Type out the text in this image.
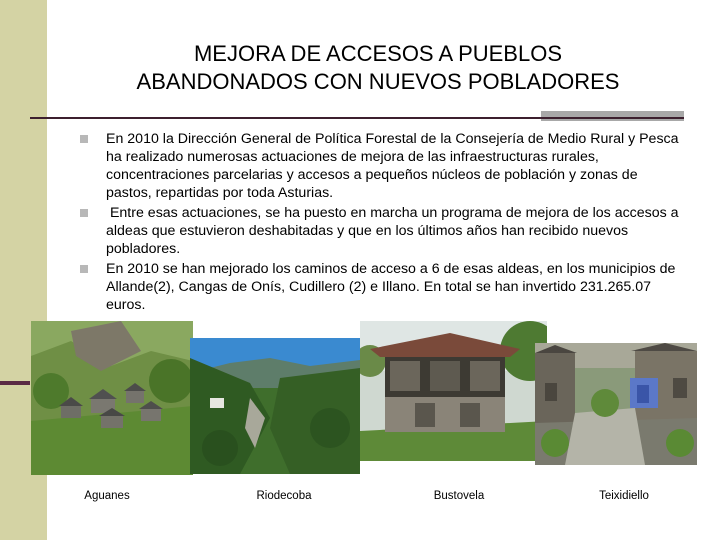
MEJORA DE ACCESOS A PUEBLOS
ABANDONADOS CON NUEVOS POBLADORES
En 2010 la Dirección General de Política Forestal de la Consejería de Medio Rural y Pesca ha realizado numerosas actuaciones de mejora de las infraestructuras rurales, concentraciones parcelarias y accesos a pequeños núcleos de población y zonas de pastos, repartidas por toda Asturias.
Entre esas actuaciones, se ha puesto en marcha un programa de mejora de los accesos a aldeas que estuvieron deshabitadas y que en los últimos años han recibido nuevos pobladores.
En 2010 se han mejorado los caminos de acceso a 6 de esas aldeas, en los municipios de Allande(2), Cangas de Onís, Cudillero (2) e Illano. En total se han invertido 231.265.07 euros.
Aguanes	Riodecoba	Bustovela	Teixidiello
